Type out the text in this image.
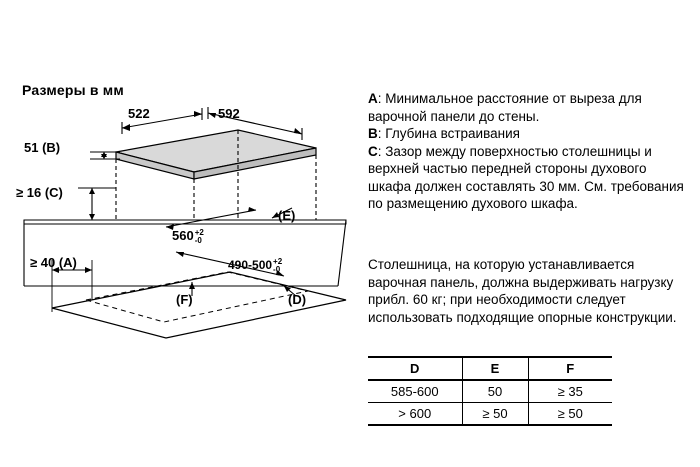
Размеры в мм
522	592
51 (B)
≥ 16 (C)
≥ 40 (A)
560 +2
-0
490-500 +2
-0
(E)
(F)	(D)
A: Минимальное расстояние от выреза для варочной панели до стены.
B: Глубина встраивания
C: Зазор между поверхностью столешницы и верхней частью передней стороны духового шкафа должен составлять 30 мм. См. требования по размещению духового шкафа.
Столешница, на которую устанавливается варочная панель, должна выдерживать нагрузку прибл. 60 кг; при необходимости следует использовать подходящие опорные конструкции.
D	E	F
585-600	50	≥ 35
> 600	≥ 50	≥ 50
